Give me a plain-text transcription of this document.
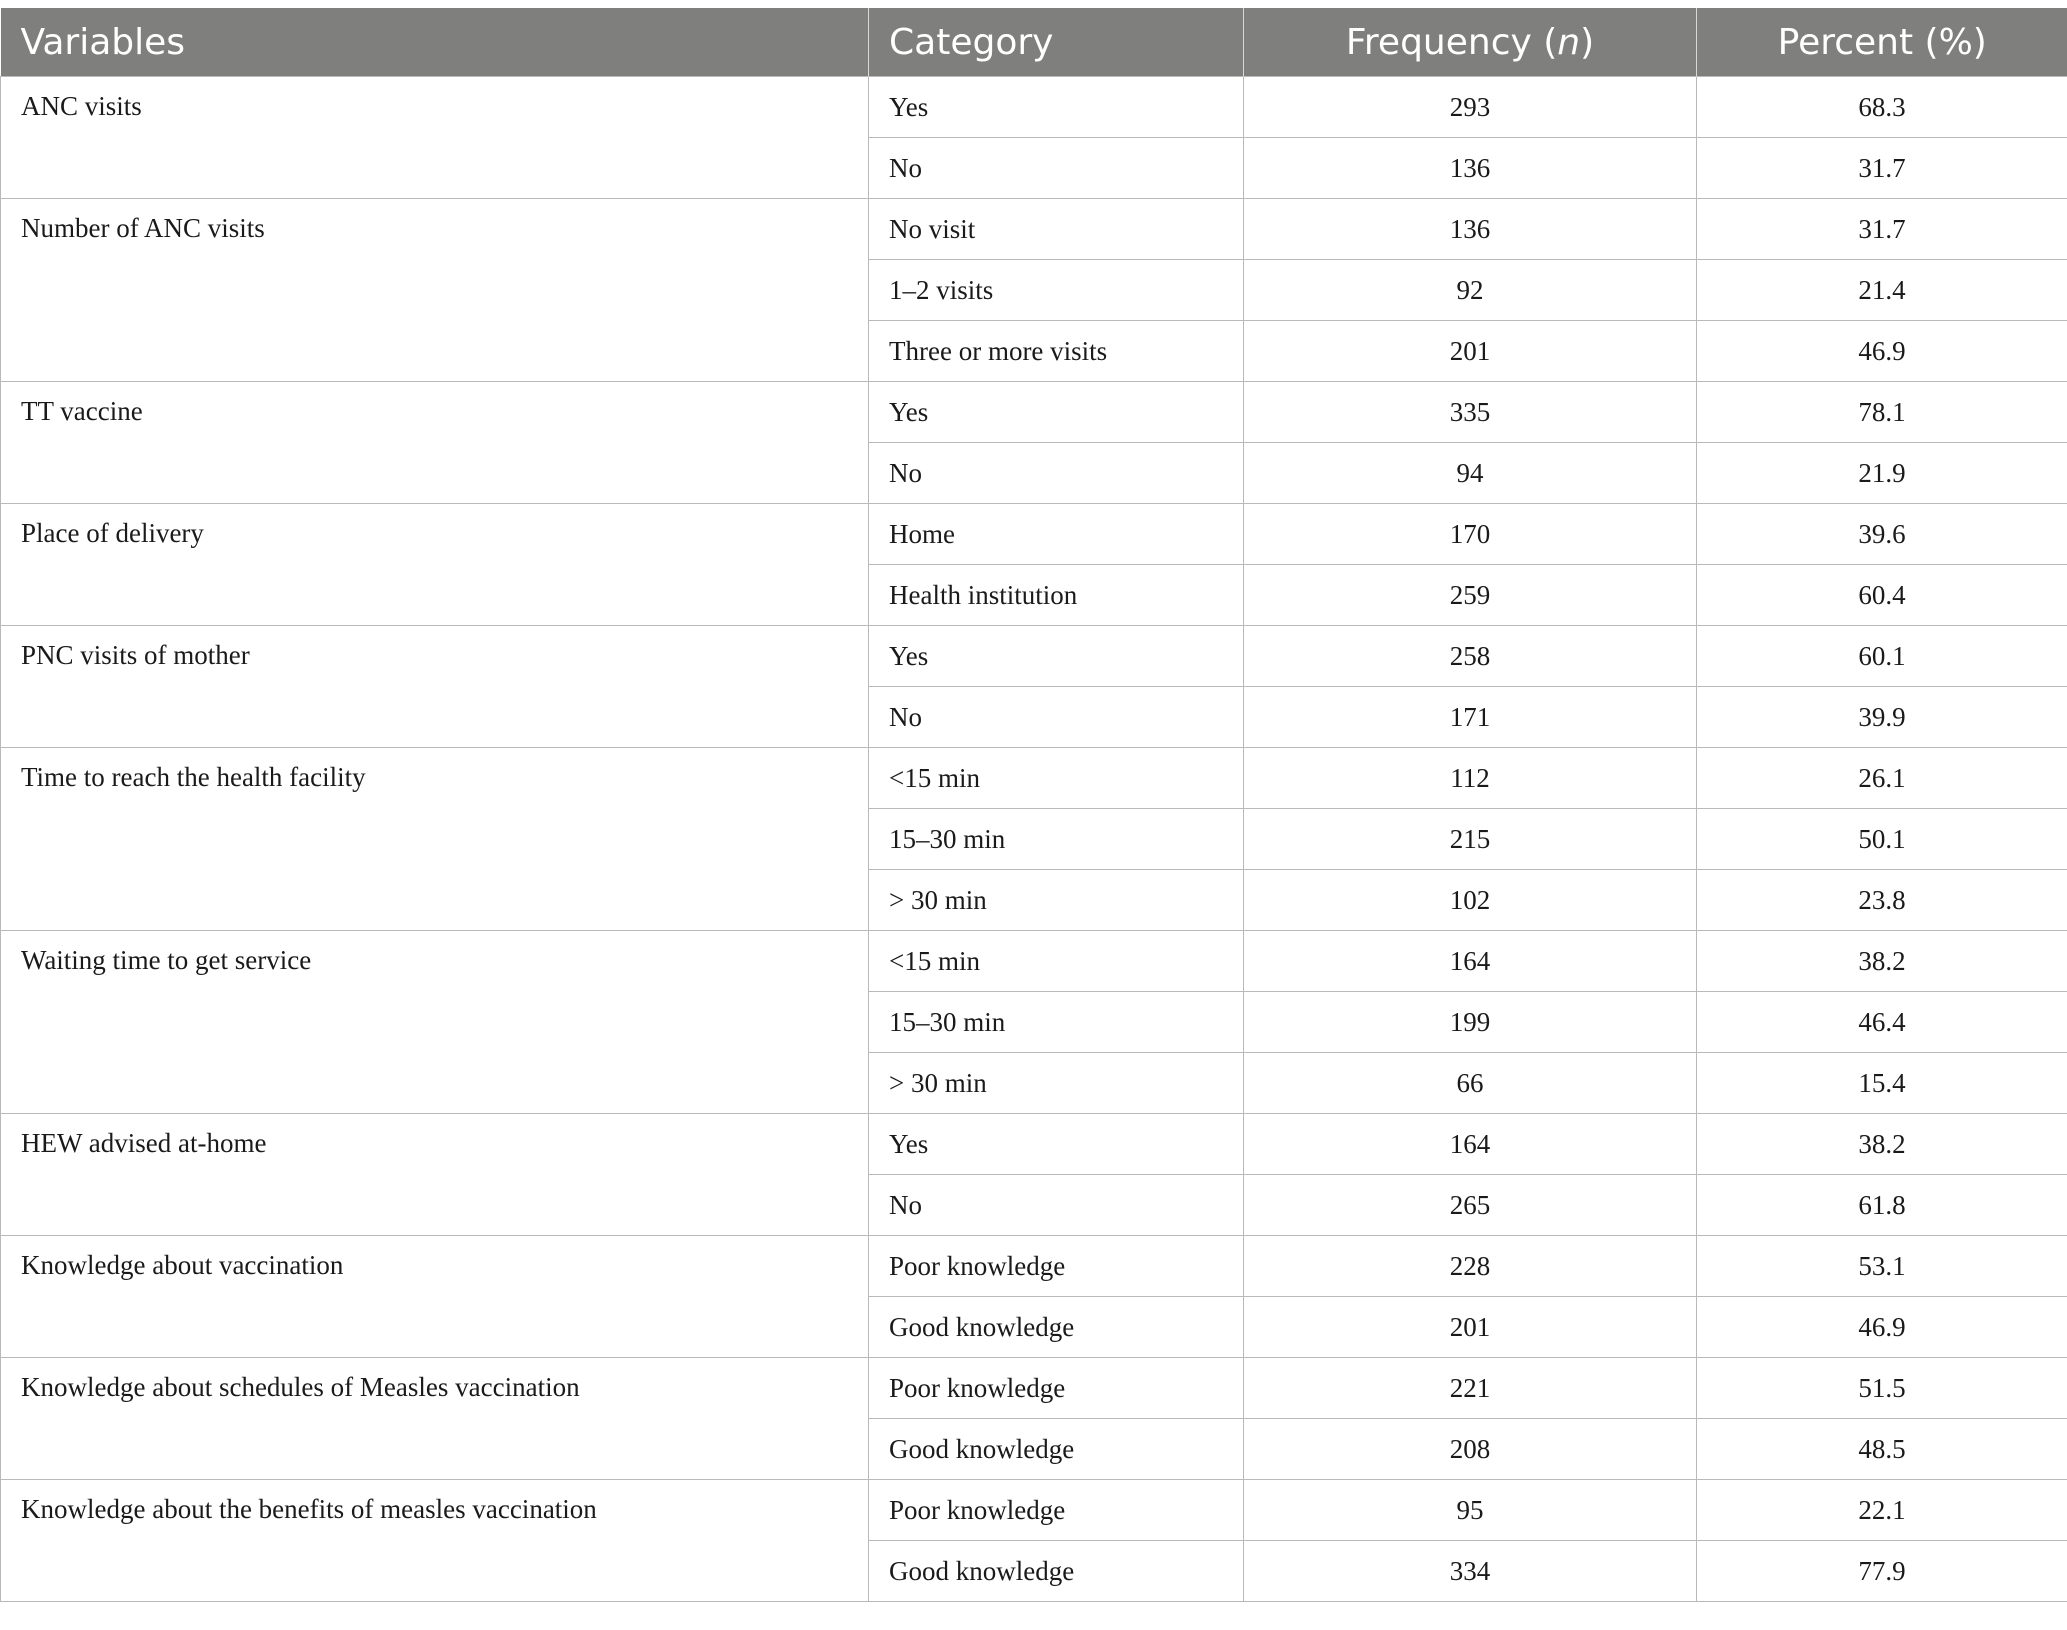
Variables	Category	Frequency (n)	Percent (%)
ANC visits	Yes	293	68.3
	No	136	31.7
Number of ANC visits	No visit	136	31.7
	1–2 visits	92	21.4
	Three or more visits	201	46.9
TT vaccine	Yes	335	78.1
	No	94	21.9
Place of delivery	Home	170	39.6
	Health institution	259	60.4
PNC visits of mother	Yes	258	60.1
	No	171	39.9
Time to reach the health facility	<15 min	112	26.1
	15–30 min	215	50.1
	> 30 min	102	23.8
Waiting time to get service	<15 min	164	38.2
	15–30 min	199	46.4
	> 30 min	66	15.4
HEW advised at-home	Yes	164	38.2
	No	265	61.8
Knowledge about vaccination	Poor knowledge	228	53.1
	Good knowledge	201	46.9
Knowledge about schedules of Measles vaccination	Poor knowledge	221	51.5
	Good knowledge	208	48.5
Knowledge about the benefits of measles vaccination	Poor knowledge	95	22.1
	Good knowledge	334	77.9
